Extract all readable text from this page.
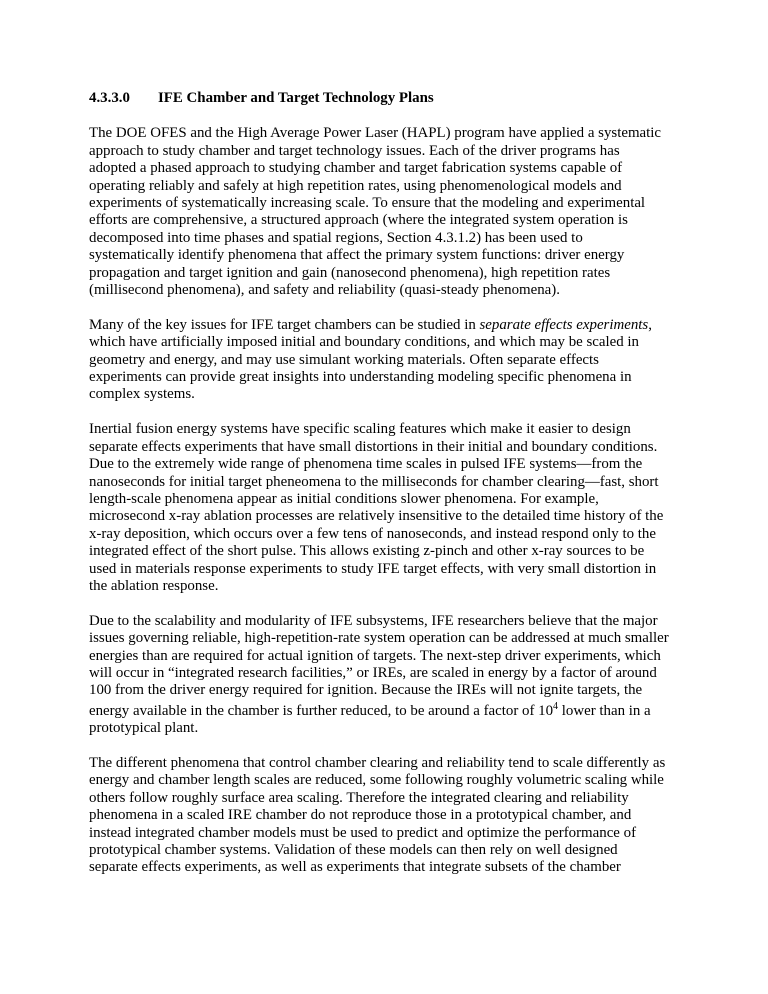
4.3.3.0 IFE Chamber and Target Technology Plans
The DOE OFES and the High Average Power Laser (HAPL) program have applied a systematic
approach to study chamber and target technology issues. Each of the driver programs has
adopted a phased approach to studying chamber and target fabrication systems capable of
operating reliably and safely at high repetition rates, using phenomenological models and
experiments of systematically increasing scale. To ensure that the modeling and experimental
efforts are comprehensive, a structured approach (where the integrated system operation is
decomposed into time phases and spatial regions, Section 4.3.1.2) has been used to
systematically identify phenomena that affect the primary system functions: driver energy
propagation and target ignition and gain (nanosecond phenomena), high repetition rates
(millisecond phenomena), and safety and reliability (quasi-steady phenomena).
Many of the key issues for IFE target chambers can be studied in separate effects experiments,
which have artificially imposed initial and boundary conditions, and which may be scaled in
geometry and energy, and may use simulant working materials. Often separate effects
experiments can provide great insights into understanding modeling specific phenomena in
complex systems.
Inertial fusion energy systems have specific scaling features which make it easier to design
separate effects experiments that have small distortions in their initial and boundary conditions.
Due to the extremely wide range of phenomena time scales in pulsed IFE systems—from the
nanoseconds for initial target pheneomena to the milliseconds for chamber clearing—fast, short
length-scale phenomena appear as initial conditions slower phenomena. For example,
microsecond x-ray ablation processes are relatively insensitive to the detailed time history of the
x-ray deposition, which occurs over a few tens of nanoseconds, and instead respond only to the
integrated effect of the short pulse. This allows existing z-pinch and other x-ray sources to be
used in materials response experiments to study IFE target effects, with very small distortion in
the ablation response.
Due to the scalability and modularity of IFE subsystems, IFE researchers believe that the major
issues governing reliable, high-repetition-rate system operation can be addressed at much smaller
energies than are required for actual ignition of targets. The next-step driver experiments, which
will occur in “integrated research facilities,” or IREs, are scaled in energy by a factor of around
100 from the driver energy required for ignition. Because the IREs will not ignite targets, the
energy available in the chamber is further reduced, to be around a factor of $10^4$ lower than in a
prototypical plant.
The different phenomena that control chamber clearing and reliability tend to scale differently as
energy and chamber length scales are reduced, some following roughly volumetric scaling while
others follow roughly surface area scaling. Therefore the integrated clearing and reliability
phenomena in a scaled IRE chamber do not reproduce those in a prototypical chamber, and
instead integrated chamber models must be used to predict and optimize the performance of
prototypical chamber systems. Validation of these models can then rely on well designed
separate effects experiments, as well as experiments that integrate subsets of the chamber
